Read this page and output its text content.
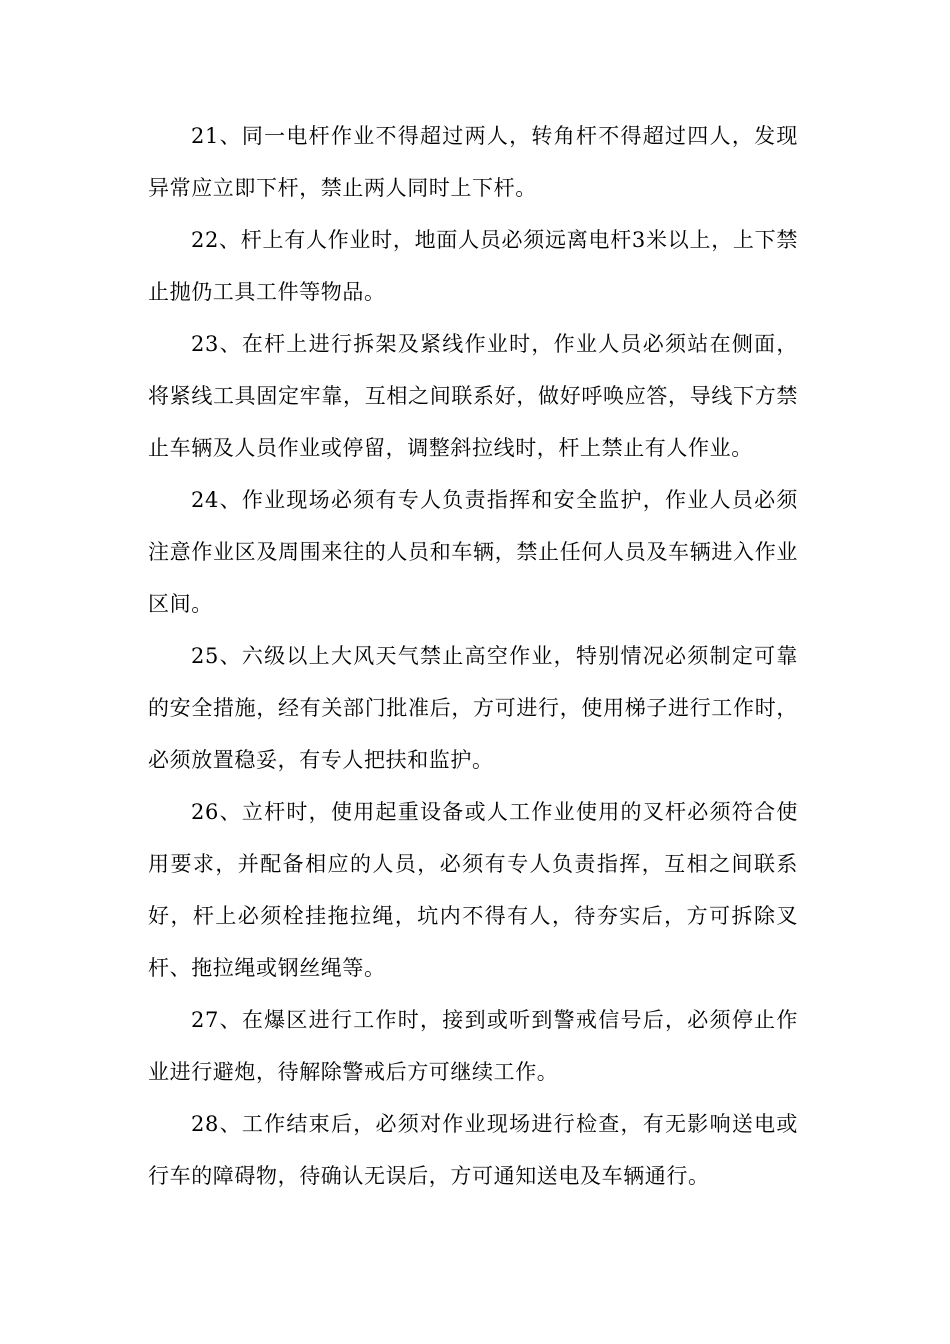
21、同一电杆作业不得超过两人，转角杆不得超过四人，发现异常应立即下杆，禁止两人同时上下杆。

22、杆上有人作业时，地面人员必须远离电杆3米以上，上下禁止抛仍工具工件等物品。

23、在杆上进行拆架及紧线作业时，作业人员必须站在侧面，将紧线工具固定牢靠，互相之间联系好，做好呼唤应答，导线下方禁止车辆及人员作业或停留，调整斜拉线时，杆上禁止有人作业。

24、作业现场必须有专人负责指挥和安全监护，作业人员必须注意作业区及周围来往的人员和车辆，禁止任何人员及车辆进入作业区间。

25、六级以上大风天气禁止高空作业，特别情况必须制定可靠的安全措施，经有关部门批准后，方可进行，使用梯子进行工作时，必须放置稳妥，有专人把扶和监护。

26、立杆时，使用起重设备或人工作业使用的叉杆必须符合使用要求，并配备相应的人员，必须有专人负责指挥，互相之间联系好，杆上必须栓挂拖拉绳，坑内不得有人，待夯实后，方可拆除叉杆、拖拉绳或钢丝绳等。

27、在爆区进行工作时，接到或听到警戒信号后，必须停止作业进行避炮，待解除警戒后方可继续工作。

28、工作结束后，必须对作业现场进行检查，有无影响送电或行车的障碍物，待确认无误后，方可通知送电及车辆通行。
